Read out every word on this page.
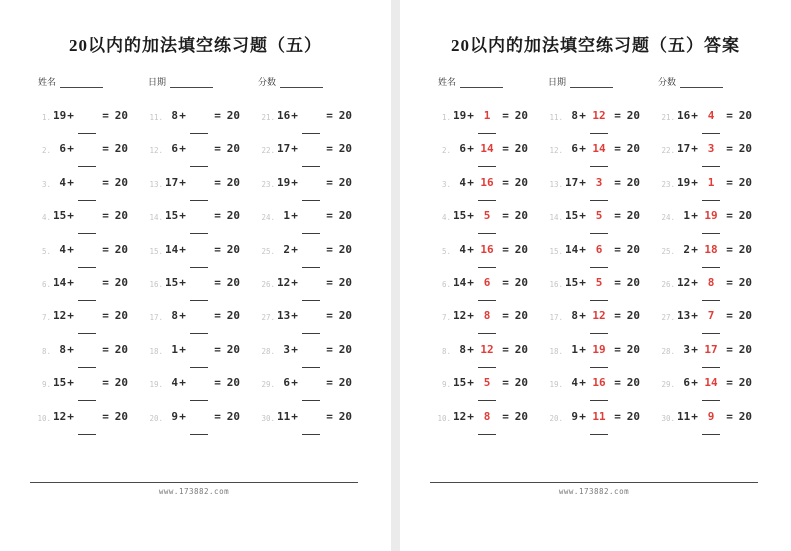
20以内的加法填空练习题（五）
姓名	日期	分数
1. 19 +	= 20	11. 8 +	= 20	21. 16 +	= 20
2. 6 +	= 20	12. 6 +	= 20	22. 17 +	= 20
3. 4 +	= 20	13. 17 +	= 20	23. 19 +	= 20
4. 15 +	= 20	14. 15 +	= 20	24. 1 +	= 20
5. 4 +	= 20	15. 14 +	= 20	25. 2 +	= 20
6. 14 +	= 20	16. 15 +	= 20	26. 12 +	= 20
7. 12 +	= 20	17. 8 +	= 20	27. 13 +	= 20
8. 8 +	= 20	18. 1 +	= 20	28. 3 +	= 20
9. 15 +	= 20	19. 4 +	= 20	29. 6 +	= 20
10. 12 +	= 20	20. 9 +	= 20	30. 11 +	= 20
www.173882.com
20以内的加法填空练习题（五）答案
姓名	日期	分数
1. 19 + 1	= 20	11. 8 + 12 = 20	21. 16 + 4	= 20
2. 6 + 14 = 20	12. 6 + 14 = 20	22. 17 + 3	= 20
3. 4 + 16 = 20	13. 17 + 3	= 20	23. 19 + 1	= 20
4. 15 + 5	= 20	14. 15 + 5	= 20	24. 1 + 19 = 20
5. 4 + 16 = 20	15. 14 + 6	= 20	25. 2 + 18 = 20
6. 14 + 6	= 20	16. 15 + 5	= 20	26. 12 + 8	= 20
7. 12 + 8	= 20	17. 8 + 12 = 20	27. 13 + 7	= 20
8. 8 + 12 = 20	18. 1 + 19 = 20	28. 3 + 17 = 20
9. 15 + 5	= 20	19. 4 + 16 = 20	29. 6 + 14 = 20
10. 12 + 8	= 20	20. 9 + 11 = 20	30. 11 + 9	= 20
www.173882.com
